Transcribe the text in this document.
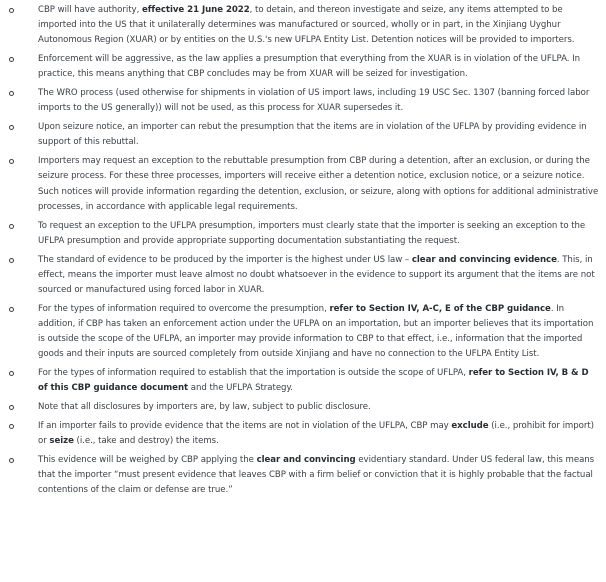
CBP will have authority, effective 21 June 2022, to detain, and thereon investigate and seize, any items attempted to be imported into the US that it unilaterally determines was manufactured or sourced, wholly or in part, in the Xinjiang Uyghur Autonomous Region (XUAR) or by entities on the U.S.'s new UFLPA Entity List. Detention notices will be provided to importers.
Enforcement will be aggressive, as the law applies a presumption that everything from the XUAR is in violation of the UFLPA. In practice, this means anything that CBP concludes may be from XUAR will be seized for investigation.
The WRO process (used otherwise for shipments in violation of US import laws, including 19 USC Sec. 1307 (banning forced labor imports to the US generally)) will not be used, as this process for XUAR supersedes it.
Upon seizure notice, an importer can rebut the presumption that the items are in violation of the UFLPA by providing evidence in support of this rebuttal.
Importers may request an exception to the rebuttable presumption from CBP during a detention, after an exclusion, or during the seizure process. For these three processes, importers will receive either a detention notice, exclusion notice, or a seizure notice. Such notices will provide information regarding the detention, exclusion, or seizure, along with options for additional administrative processes, in accordance with applicable legal requirements.
To request an exception to the UFLPA presumption, importers must clearly state that the importer is seeking an exception to the UFLPA presumption and provide appropriate supporting documentation substantiating the request.
The standard of evidence to be produced by the importer is the highest under US law – clear and convincing evidence. This, in effect, means the importer must leave almost no doubt whatsoever in the evidence to support its argument that the items are not sourced or manufactured using forced labor in XUAR.
For the types of information required to overcome the presumption, refer to Section IV, A-C, E of the CBP guidance. In addition, if CBP has taken an enforcement action under the UFLPA on an importation, but an importer believes that its importation is outside the scope of the UFLPA, an importer may provide information to CBP to that effect, i.e., information that the imported goods and their inputs are sourced completely from outside Xinjiang and have no connection to the UFLPA Entity List.
For the types of information required to establish that the importation is outside the scope of UFLPA, refer to Section IV, B & D of this CBP guidance document and the UFLPA Strategy.
Note that all disclosures by importers are, by law, subject to public disclosure.
If an importer fails to provide evidence that the items are not in violation of the UFLPA, CBP may exclude (i.e., prohibit for import) or seize (i.e., take and destroy) the items.
This evidence will be weighed by CBP applying the clear and convincing evidentiary standard. Under US federal law, this means that the importer “must present evidence that leaves CBP with a firm belief or conviction that it is highly probable that the factual contentions of the claim or defense are true.”
